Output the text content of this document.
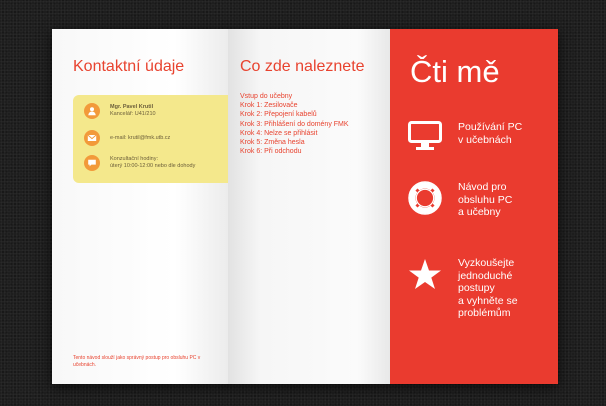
Kontaktní údaje
Mgr. Pavel Krutil
Kancelář: U41/210
e-mail: krutil@fmk.utb.cz
Konzultační hodiny:
úterý 10:00-12:00 nebo dle dohody
Tento návod slouží jako správný postup pro obsluhu PC v učebnách.
Co zde naleznete
Vstup do učebny
Krok 1: Zesilovače
Krok 2: Přepojení kabelů
Krok 3: Přihlášení do domény FMK
Krok 4: Nelze se přihlásit
Krok 5: Změna hesla
Krok 6: Při odchodu
Čti mě
Používání PC
v učebnách
Návod pro
obsluhu PC
a učebny
Vyzkoušejte
jednoduché
postupy
a vyhněte se
problémům
